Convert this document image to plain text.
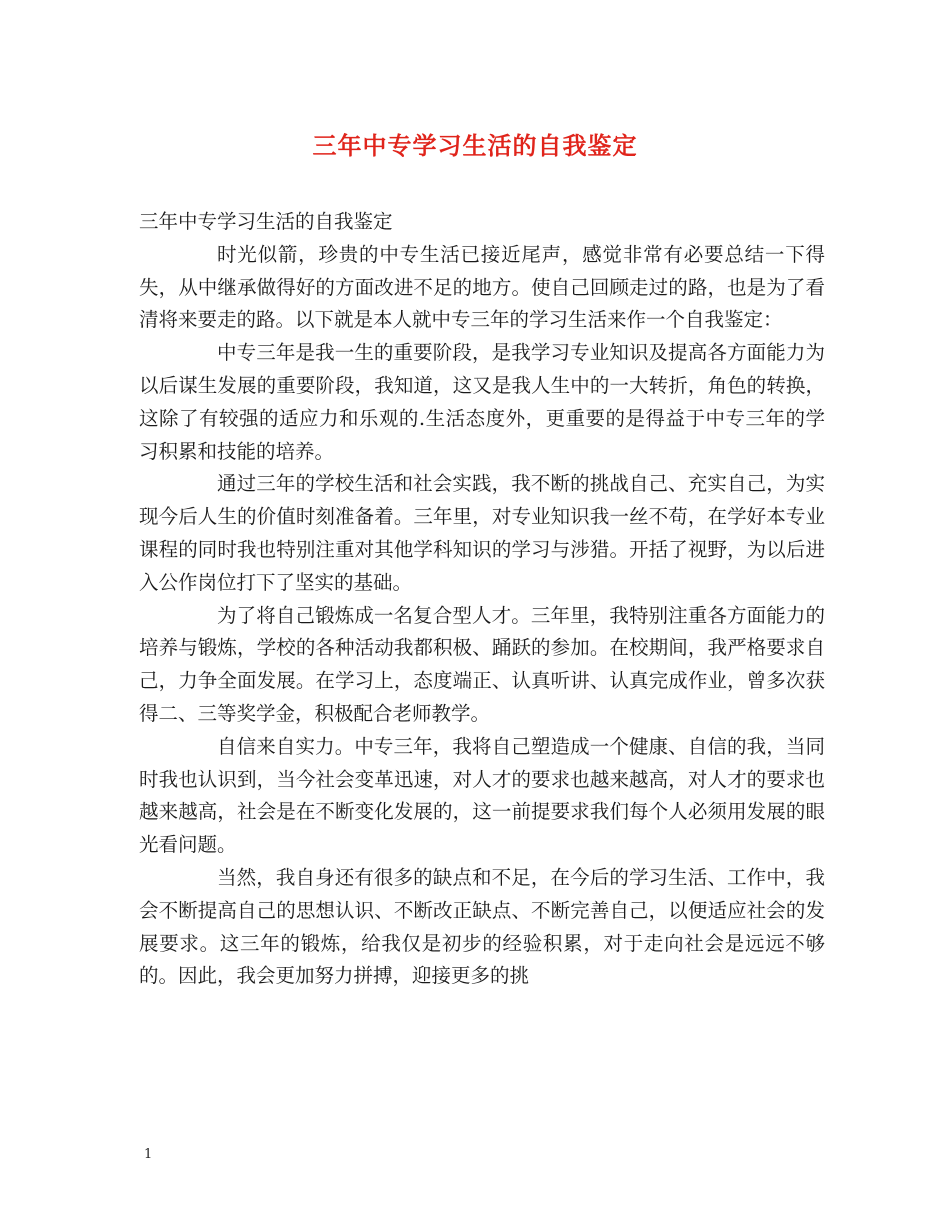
三年中专学习生活的自我鉴定

三年中专学习生活的自我鉴定

时光似箭，珍贵的中专生活已接近尾声，感觉非常有必要总结一下得失，从中继承做得好的方面改进不足的地方。使自己回顾走过的路，也是为了看清将来要走的路。以下就是本人就中专三年的学习生活来作一个自我鉴定：

中专三年是我一生的重要阶段，是我学习专业知识及提高各方面能力为以后谋生发展的重要阶段，我知道，这又是我人生中的一大转折，角色的转换，这除了有较强的适应力和乐观的.生活态度外，更重要的是得益于中专三年的学习积累和技能的培养。

通过三年的学校生活和社会实践，我不断的挑战自己、充实自己，为实现今后人生的价值时刻准备着。三年里，对专业知识我一丝不苟，在学好本专业课程的同时我也特别注重对其他学科知识的学习与涉猎。开括了视野，为以后进入公作岗位打下了坚实的基础。

为了将自己锻炼成一名复合型人才。三年里，我特别注重各方面能力的培养与锻炼，学校的各种活动我都积极、踊跃的参加。在校期间，我严格要求自己，力争全面发展。在学习上，态度端正、认真听讲、认真完成作业，曾多次获得二、三等奖学金，积极配合老师教学。

自信来自实力。中专三年，我将自己塑造成一个健康、自信的我，当同时我也认识到，当今社会变革迅速，对人才的要求也越来越高，对人才的要求也越来越高，社会是在不断变化发展的，这一前提要求我们每个人必须用发展的眼光看问题。

当然，我自身还有很多的缺点和不足，在今后的学习生活、工作中，我会不断提高自己的思想认识、不断改正缺点、不断完善自己，以便适应社会的发展要求。这三年的锻炼，给我仅是初步的经验积累，对于走向社会是远远不够的。因此，我会更加努力拼搏，迎接更多的挑

1
